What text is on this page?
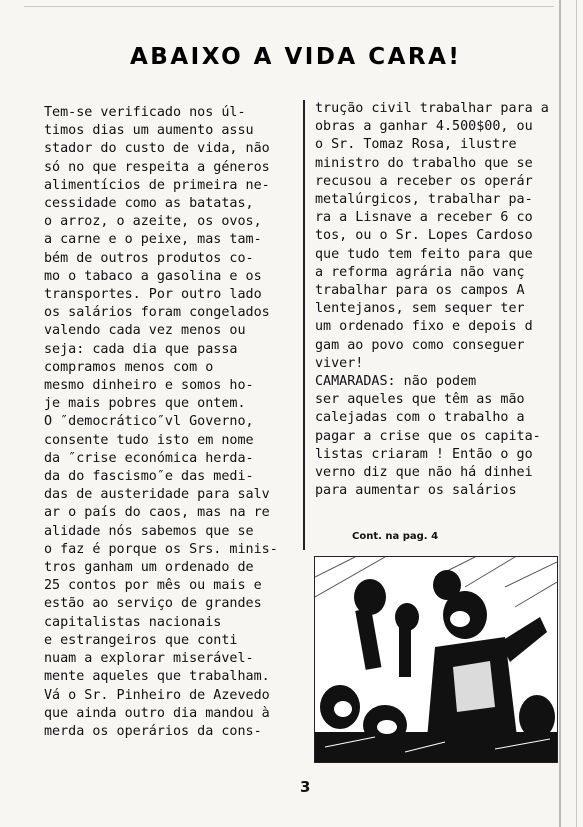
ABAIXO A VIDA CARA!
Tem-se verificado nos úl-
timos dias um aumento assu
stador do custo de vida, não
só no que respeita a géneros
alimentícios de primeira ne-
cessidade como as batatas,
o arroz, o azeite, os ovos,
a carne e o peixe, mas tam-
bém de outros produtos co-
mo o tabaco a gasolina e os
transportes. Por outro lado
os salários foram congelados
valendo cada vez menos ou
seja: cada dia que passa
compramos menos com o
mesmo dinheiro e somos ho-
je mais pobres que ontem.
O ″democrático″vl Governo,
consente tudo isto em nome
da ″crise económica herda-
da do fascismo″e das medi-
das de austeridade para salv
ar o país do caos, mas na re
alidade nós sabemos que se
o faz é porque os Srs. minis-
tros ganham um ordenado de
25 contos por mês ou mais e
estão ao serviço de grandes
capitalistas nacionais
e estrangeiros que conti
nuam a explorar miserável-
mente aqueles que trabalham.
Vá o Sr. Pinheiro de Azevedo
que ainda outro dia mandou à
merda os operários da cons-
trução civil trabalhar para a
obras a ganhar 4.500$00, ou
o Sr. Tomaz Rosa, ilustre
ministro do trabalho que se
recusou a receber os operár
metalúrgicos, trabalhar pa-
ra a Lisnave a receber 6 co
tos, ou o Sr. Lopes Cardoso
que tudo tem feito para que
a reforma agrária não vanç
trabalhar para os campos A
lentejanos, sem sequer ter
um ordenado fixo e depois d
gam ao povo como conseguer
viver!
CAMARADAS: não podem
ser aqueles que têm as mão
calejadas com o trabalho a
pagar a crise que os capita-
listas criaram ! Então o go
verno diz que não há dinhei
para aumentar os salários
Cont. na pag. 4
3
